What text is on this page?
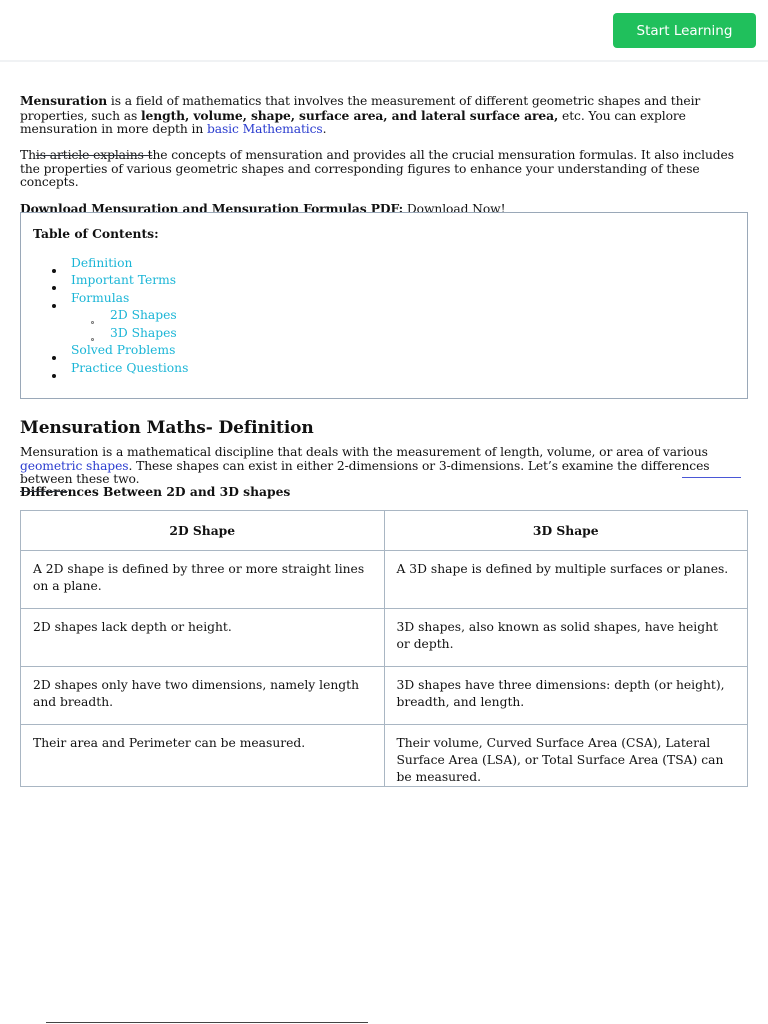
Start Learning

Mensuration is a field of mathematics that involves the measurement of different geometric shapes and their properties, such as length, volume, shape, surface area, and lateral surface area, etc. You can explore mensuration in more depth in basic Mathematics.

This article explains the concepts of mensuration and provides all the crucial mensuration formulas. It also includes the properties of various geometric shapes and corresponding figures to enhance your understanding of these concepts.

Download Mensuration and Mensuration Formulas PDF: Download Now!

Table of Contents:
Definition
Important Terms
Formulas
2D Shapes
3D Shapes
Solved Problems
Practice Questions
Mensuration Maths- Definition

Mensuration is a mathematical discipline that deals with the measurement of length, volume, or area of various geometric shapes. These shapes can exist in either 2-dimensions or 3-dimensions. Let’s examine the differences between these two.

Differences Between 2D and 3D shapes
2D Shape	3D Shape
A 2D shape is defined by three or more straight lines on a plane.	A 3D shape is defined by multiple surfaces or planes.
2D shapes lack depth or height.	3D shapes, also known as solid shapes, have height or depth.
2D shapes only have two dimensions, namely length and breadth.	3D shapes have three dimensions: depth (or height), breadth, and length.
Their area and Perimeter can be measured.	Their volume, Curved Surface Area (CSA), Lateral Surface Area (LSA), or Total Surface Area (TSA) can be measured.
